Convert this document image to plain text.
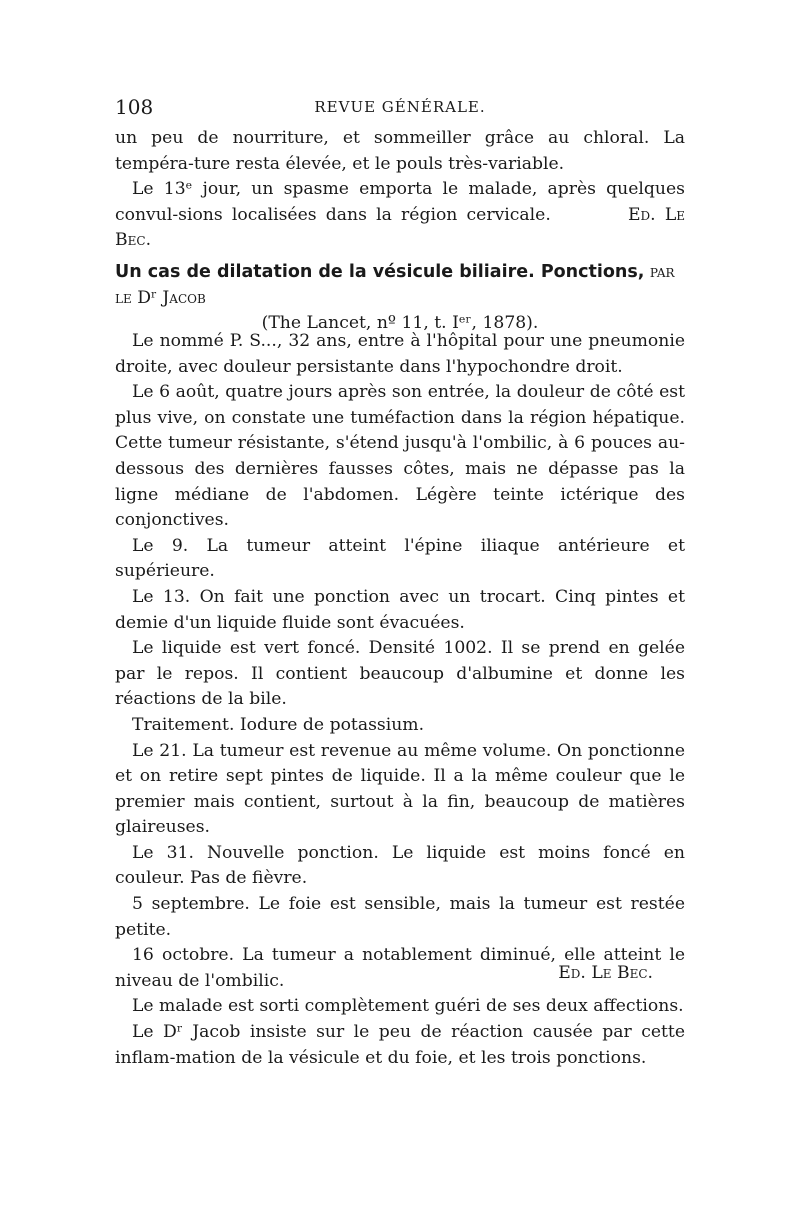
108	REVUE GÉNÉRALE.

un peu de nourriture, et sommeiller grâce au chloral. La tempéra-ture resta élevée, et le pouls très-variable.

Le 13ᵉ jour, un spasme emporta le malade, après quelques convul-sions localisées dans la région cervicale.	Ed. Le Bec.

Un cas de dilatation de la vésicule biliaire. Ponctions, par le Dʳ Jacob

(The Lancet, nº 11, t. Iᵉʳ, 1878).

Le nommé P. S..., 32 ans, entre à l'hôpital pour une pneumonie droite, avec douleur persistante dans l'hypochondre droit.

Le 6 août, quatre jours après son entrée, la douleur de côté est plus vive, on constate une tuméfaction dans la région hépatique. Cette tumeur résistante, s'étend jusqu'à l'ombilic, à 6 pouces au-dessous des dernières fausses côtes, mais ne dépasse pas la ligne médiane de l'abdomen. Légère teinte ictérique des conjonctives.

Le 9. La tumeur atteint l'épine iliaque antérieure et supérieure.

Le 13. On fait une ponction avec un trocart. Cinq pintes et demie d'un liquide fluide sont évacuées.

Le liquide est vert foncé. Densité 1002. Il se prend en gelée par le repos. Il contient beaucoup d'albumine et donne les réactions de la bile.

Traitement. Iodure de potassium.

Le 21. La tumeur est revenue au même volume. On ponctionne et on retire sept pintes de liquide. Il a la même couleur que le premier mais contient, surtout à la fin, beaucoup de matières glaireuses.

Le 31. Nouvelle ponction. Le liquide est moins foncé en couleur. Pas de fièvre.

5 septembre. Le foie est sensible, mais la tumeur est restée petite.

16 octobre. La tumeur a notablement diminué, elle atteint le niveau de l'ombilic.

Le malade est sorti complètement guéri de ses deux affections.

Le Dʳ Jacob insiste sur le peu de réaction causée par cette inflam-mation de la vésicule et du foie, et les trois ponctions.

Ed. Le Bec.
